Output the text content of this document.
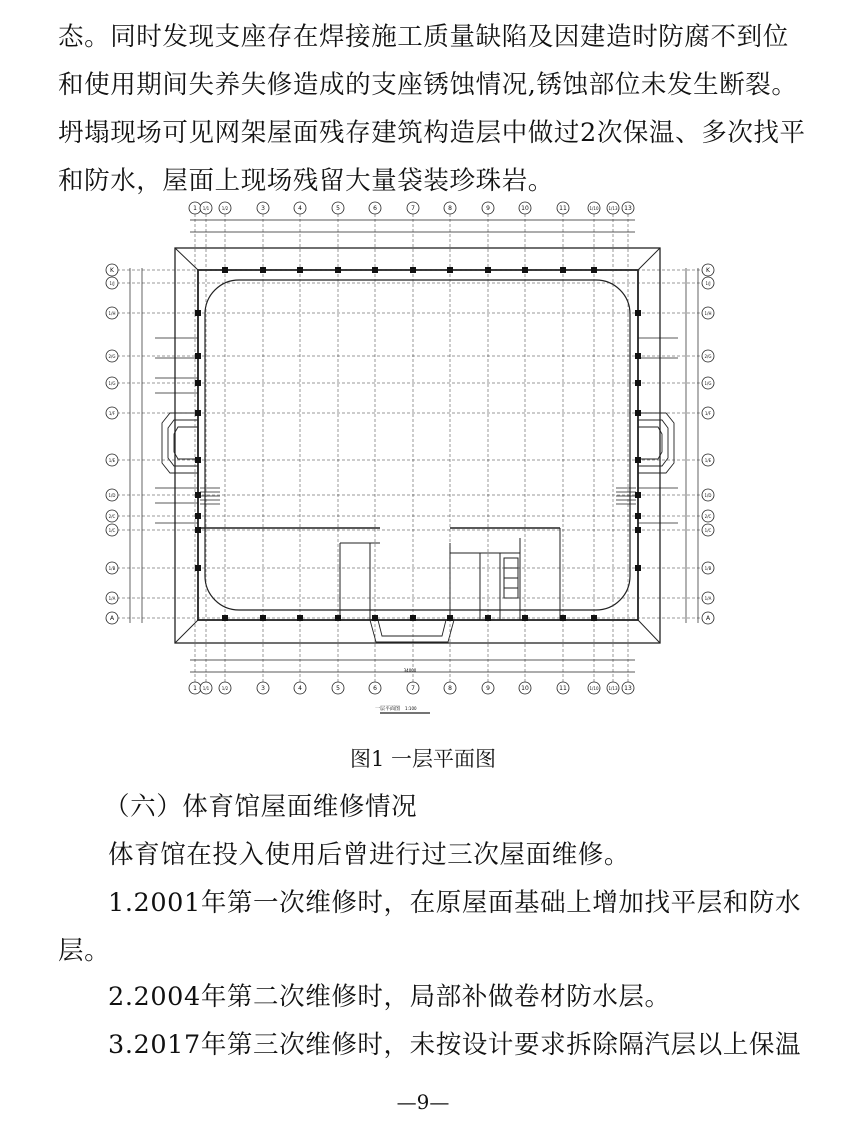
态。同时发现支座存在焊接施工质量缺陷及因建造时防腐不到位
和使用期间失养失修造成的支座锈蚀情况,锈蚀部位未发生断裂。
坍塌现场可见网架屋面残存建筑构造层中做过2次保温、多次找平
和防水，屋面上现场残留大量袋装珍珠岩。
1
1
1/1
1/1
1/2
1/2
3
3
4
4
5
5
6
6
7
7
8
8
9
9
10
10
11
11
1/10
1/10
1/13
1/13
13
13
K	K
1/J	1/J
1/H	1/H
2/G	2/G
1/G	1/G
1/F	1/F
1/E	1/E
1/D	1/D
2/C	2/C
1/C	1/C
1/B	1/B
1/A	1/A
A	A
34000
一层平面图 1:100
图1 一层平面图
（六）体育馆屋面维修情况
体育馆在投入使用后曾进行过三次屋面维修。
1.2001年第一次维修时，在原屋面基础上增加找平层和防水
层。
2.2004年第二次维修时，局部补做卷材防水层。
3.2017年第三次维修时，未按设计要求拆除隔汽层以上保温
—9—
